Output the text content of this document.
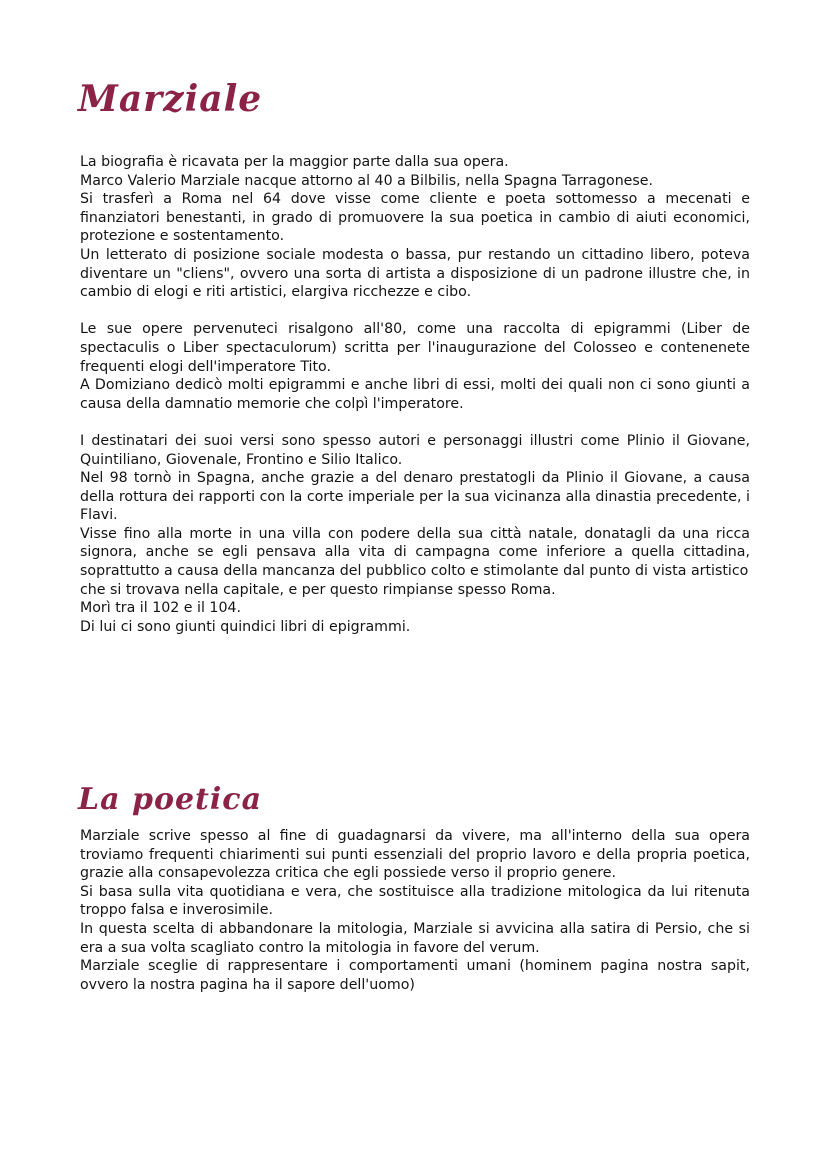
Marziale

La biografia è ricavata per la maggior parte dalla sua opera.

Marco Valerio Marziale nacque attorno al 40 a Bilbilis, nella Spagna Tarragonese.

Si trasferì a Roma nel 64 dove visse come cliente e poeta sottomesso a mecenati e finanziatori benestanti, in grado di promuovere la sua poetica in cambio di aiuti economici, protezione e sostentamento.

Un letterato di posizione sociale modesta o bassa, pur restando un cittadino libero, poteva diventare un "cliens", ovvero una sorta di artista a disposizione di un padrone illustre che, in cambio di elogi e riti artistici, elargiva ricchezze e cibo.

Le sue opere pervenuteci risalgono all'80, come una raccolta di epigrammi (Liber de spectaculis o Liber spectaculorum) scritta per l'inaugurazione del Colosseo e contenenete frequenti elogi dell'imperatore Tito.

A Domiziano dedicò molti epigrammi e anche libri di essi, molti dei quali non ci sono giunti a causa della damnatio memorie che colpì l'imperatore.

I destinatari dei suoi versi sono spesso autori e personaggi illustri come Plinio il Giovane, Quintiliano, Giovenale, Frontino e Silio Italico.

Nel 98 tornò in Spagna, anche grazie a del denaro prestatogli da Plinio il Giovane, a causa della rottura dei rapporti con la corte imperiale per la sua vicinanza alla dinastia precedente, i Flavi.

Visse fino alla morte in una villa con podere della sua città natale, donatagli da una ricca signora, anche se egli pensava alla vita di campagna come inferiore a quella cittadina, soprattutto a causa della mancanza del pubblico colto e stimolante dal punto di vista artistico

che si trovava nella capitale, e per questo rimpianse spesso Roma.

Morì tra il 102 e il 104.

Di lui ci sono giunti quindici libri di epigrammi.

La poetica

Marziale scrive spesso al fine di guadagnarsi da vivere, ma all'interno della sua opera troviamo frequenti chiarimenti sui punti essenziali del proprio lavoro e della propria poetica, grazie alla consapevolezza critica che egli possiede verso il proprio genere.

Si basa sulla vita quotidiana e vera, che sostituisce alla tradizione mitologica da lui ritenuta troppo falsa e inverosimile.

In questa scelta di abbandonare la mitologia, Marziale si avvicina alla satira di Persio, che si era a sua volta scagliato contro la mitologia in favore del verum.

Marziale sceglie di rappresentare i comportamenti umani (hominem pagina nostra sapit, ovvero la nostra pagina ha il sapore dell'uomo)
